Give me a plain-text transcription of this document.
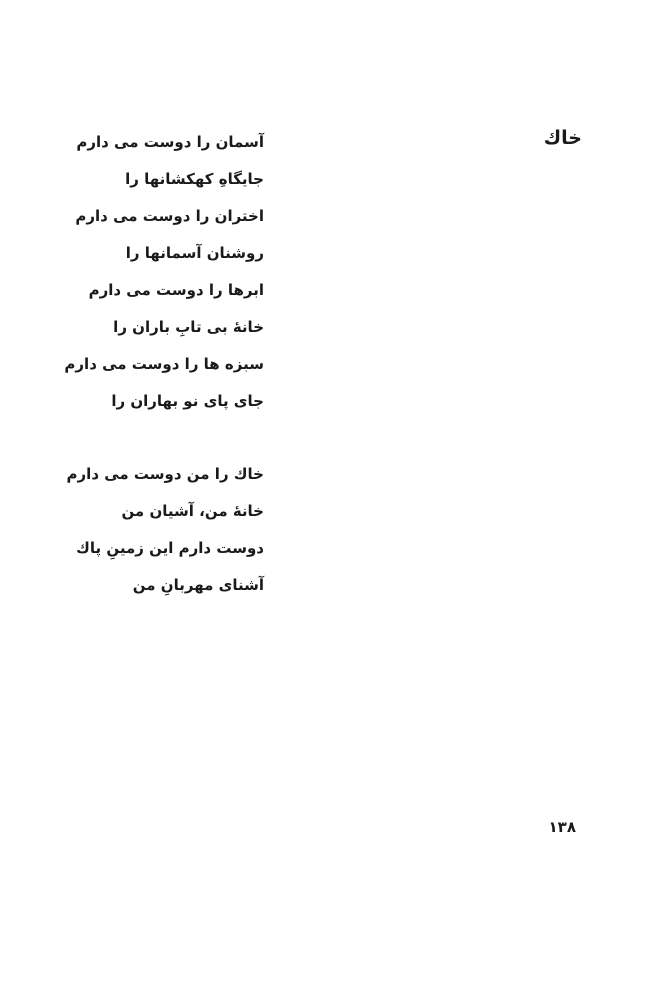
خاك
آسمان را دوست می دارم
جایگاهِ کهکشانها را
اختران را دوست می دارم
روشنان آسمانها را
ابرها را دوست می دارم
خانۀ بی تابِ باران را
سبزه ها را دوست می دارم
جای پای نو بهاران را
خاك را من دوست می دارم
خانۀ من، آشیان من
دوست دارم این زمینِ پاك
آشنای مهربانِ من
۱۳۸
